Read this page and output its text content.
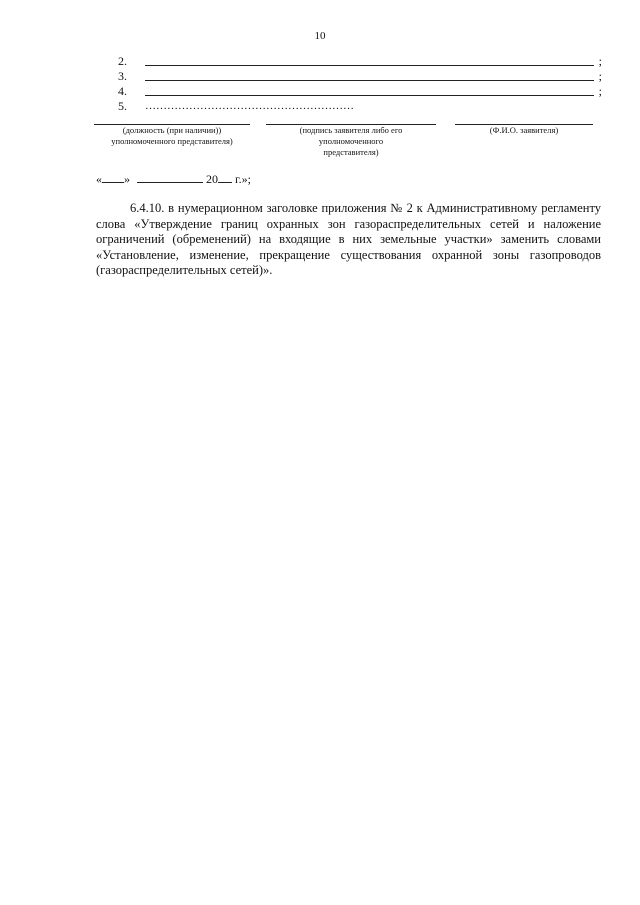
10
2.	;
3.	;
4.	;
5. …………………………………………………
(должность (при наличии))
уполномоченного представителя)
(подпись заявителя либо его
уполномоченного
представителя)
(Ф.И.О. заявителя)
« »	20 г.»;

6.4.10. в нумерационном заголовке приложения № 2 к Административному регламенту слова «Утверждение границ охранных зон газораспределительных сетей и наложение ограничений (обременений) на входящие в них земельные участки» заменить словами «Установление, изменение, прекращение существования охранной зоны газопроводов (газораспределительных сетей)».
